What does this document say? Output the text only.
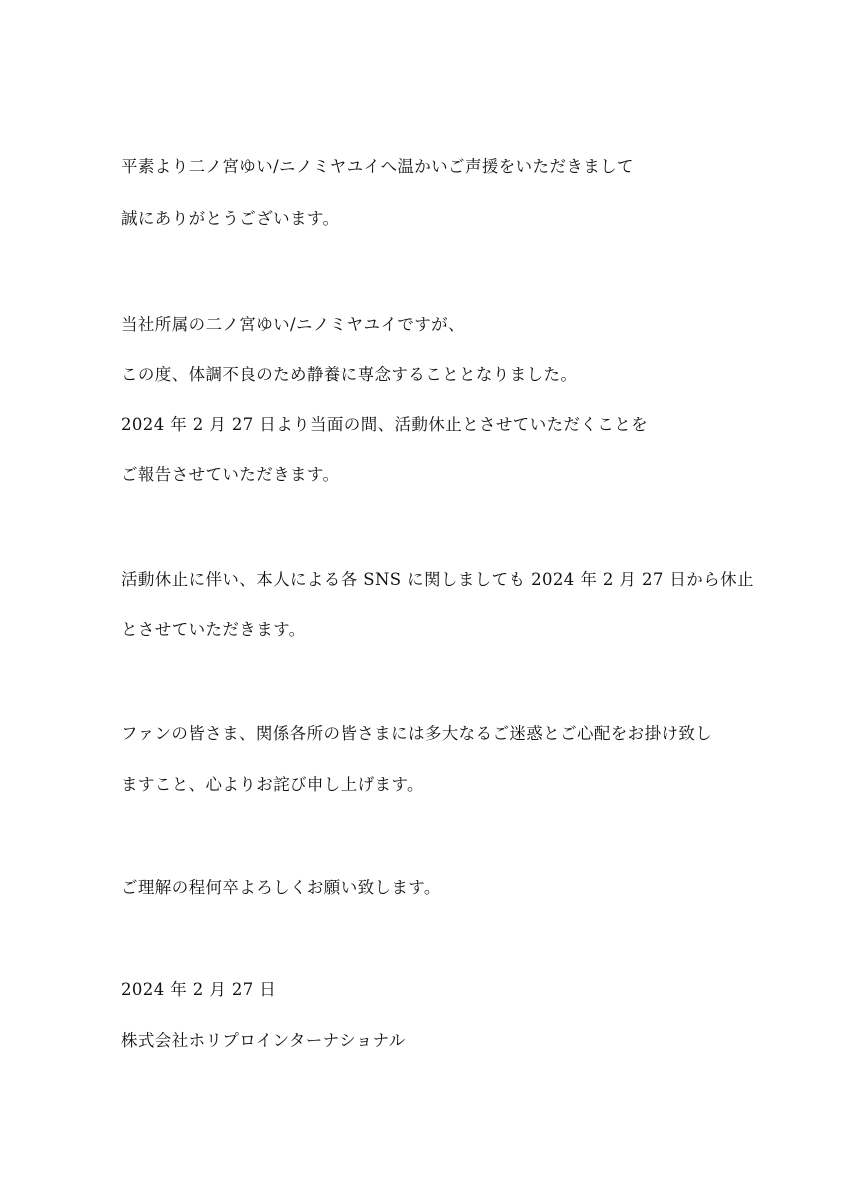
平素より二ノ宮ゆい/ニノミヤユイへ温かいご声援をいただきまして
誠にありがとうございます。
当社所属の二ノ宮ゆい/ニノミヤユイですが、
この度、体調不良のため静養に専念することとなりました。
2024 年 2 月 27 日より当面の間、活動休止とさせていただくことを
ご報告させていただきます。
活動休止に伴い、本人による各 SNS に関しましても 2024 年 2 月 27 日から休止
とさせていただきます。
ファンの皆さま、関係各所の皆さまには多大なるご迷惑とご心配をお掛け致し
ますこと、心よりお詫び申し上げます。
ご理解の程何卒よろしくお願い致します。
2024 年 2 月 27 日
株式会社ホリプロインターナショナル
